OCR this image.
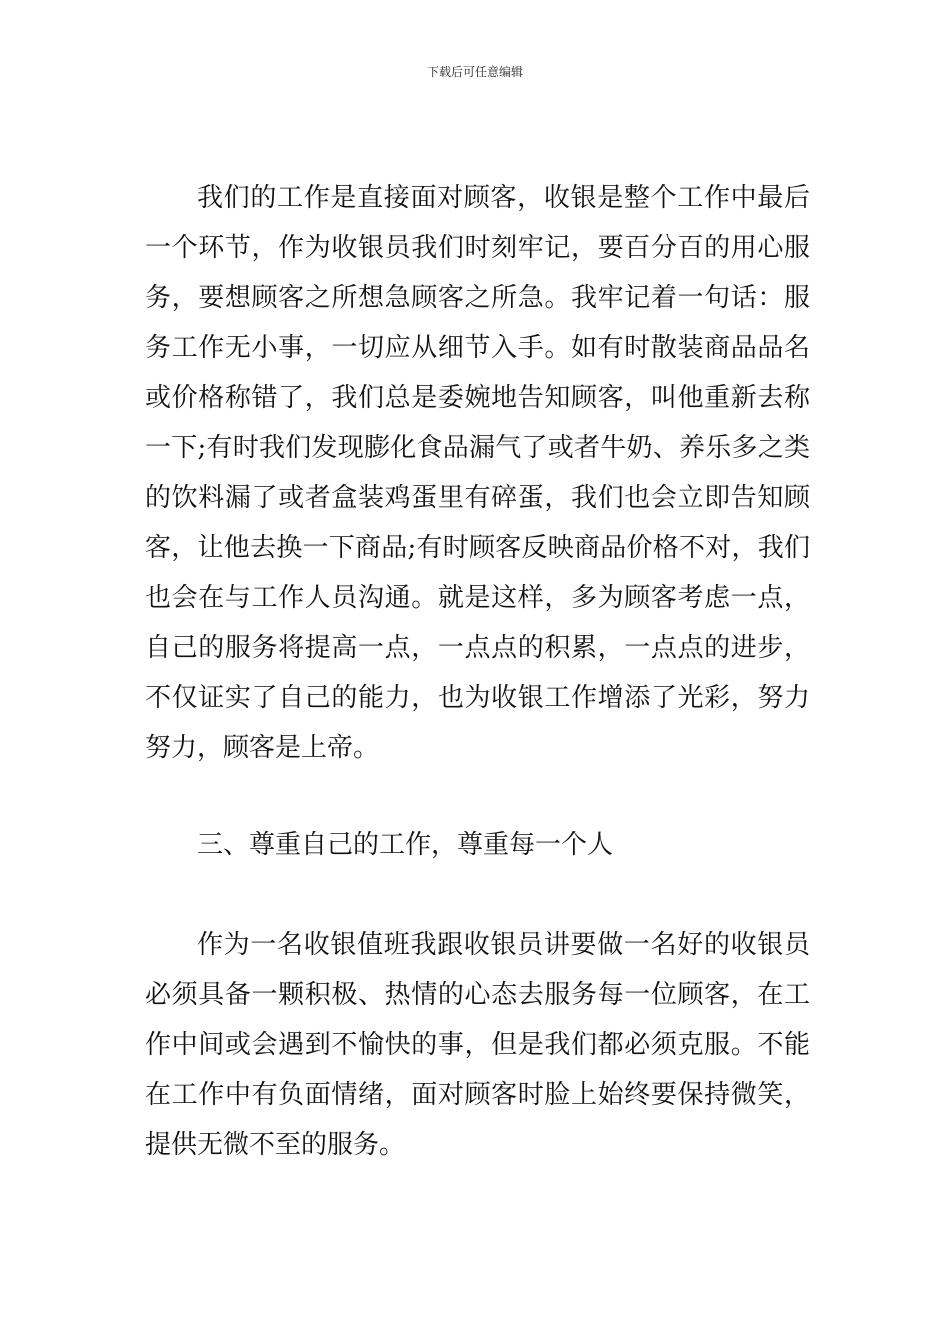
下载后可任意编辑
我们的工作是直接面对顾客，收银是整个工作中最后
一个环节，作为收银员我们时刻牢记，要百分百的用心服
务，要想顾客之所想急顾客之所急。我牢记着一句话：服
务工作无小事，一切应从细节入手。如有时散装商品品名
或价格称错了，我们总是委婉地告知顾客，叫他重新去称
一下;有时我们发现膨化食品漏气了或者牛奶、养乐多之类
的饮料漏了或者盒装鸡蛋里有碎蛋，我们也会立即告知顾
客，让他去换一下商品;有时顾客反映商品价格不对，我们
也会在与工作人员沟通。就是这样，多为顾客考虑一点，
自己的服务将提高一点，一点点的积累，一点点的进步，
不仅证实了自己的能力，也为收银工作增添了光彩，努力
努力，顾客是上帝。
三、尊重自己的工作，尊重每一个人
作为一名收银值班我跟收银员讲要做一名好的收银员
必须具备一颗积极、热情的心态去服务每一位顾客，在工
作中间或会遇到不愉快的事，但是我们都必须克服。不能
在工作中有负面情绪，面对顾客时脸上始终要保持微笑，
提供无微不至的服务。
